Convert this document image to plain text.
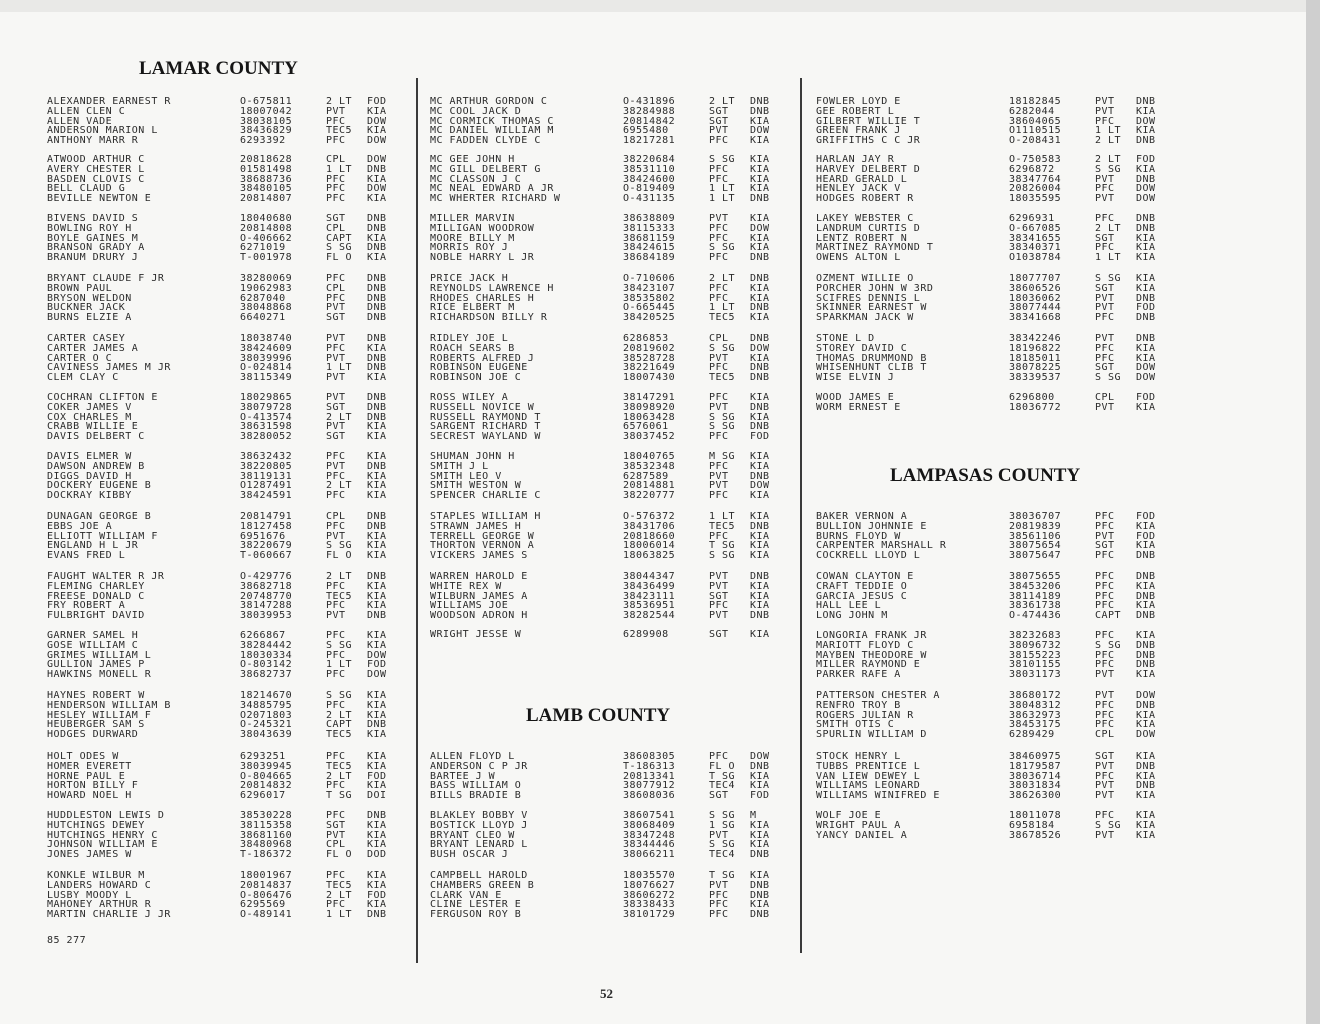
LAMAR COUNTY
ALEXANDER EARNEST R	O-675811	2 LT FOD
ALLEN CLEN C	18007042	PVT KIA
ALLEN VADE	38038105	PFC DOW
ANDERSON MARION L	38436829	TEC5 KIA
ANTHONY MARR R	6293392	PFC DOW
ATWOOD ARTHUR C	20818628	CPL DOW
AVERY CHESTER L	01581498	1 LT DNB
BASDEN CLOVIS C	38688736	PFC KIA
BELL CLAUD G	38480105	PFC DOW
BEVILLE NEWTON E	20814807	PFC KIA
BIVENS DAVID S	18040680	SGT DNB
BOWLING ROY H	20814808	CPL DNB
BOYLE GAINES M	O-406662	CAPT KIA
BRANSON GRADY A	6271019	S SG DNB
BRANUM DRURY J	T-001978	FL O KIA
BRYANT CLAUDE F JR	38280069	PFC DNB
BROWN PAUL	19062983	CPL DNB
BRYSON WELDON	6287040	PFC DNB
BUCKNER JACK	38048868	PVT DNB
BURNS ELZIE A	6640271	SGT DNB
CARTER CASEY	18038740	PVT DNB
CARTER JAMES A	38424609	PFC KIA
CARTER O C	38039996	PVT DNB
CAVINESS JAMES M JR	O-024814	1 LT DNB
CLEM CLAY C	38115349	PVT KIA
COCHRAN CLIFTON E	18029865	PVT DNB
COKER JAMES V	38079728	SGT DNB
COX CHARLES M	O-413574	2 LT DNB
CRABB WILLIE E	38631598	PVT KIA
DAVIS DELBERT C	38280052	SGT KIA
DAVIS ELMER W	38632432	PFC KIA
DAWSON ANDREW B	38220805	PVT DNB
DIGGS DAVID H	38119131	PFC KIA
DOCKERY EUGENE B	O1287491	2 LT KIA
DOCKRAY KIBBY	38424591	PFC KIA
DUNAGAN GEORGE B	20814791	CPL DNB
EBBS JOE A	18127458	PFC DNB
ELLIOTT WILLIAM F	6951676	PVT KIA
ENGLAND H L JR	38220679	S SG KIA
EVANS FRED L	T-060667	FL O KIA
FAUGHT WALTER R JR	O-429776	2 LT DNB
FLEMING CHARLEY	38682718	PFC KIA
FREESE DONALD C	20748770	TEC5 KIA
FRY ROBERT A	38147288	PFC KIA
FULBRIGHT DAVID	38039953	PVT DNB
GARNER SAMEL H	6266867	PFC KIA
GOSE WILLIAM C	38284442	S SG KIA
GRIMES WILLIAM L	18030334	PFC DOW
GULLION JAMES P	O-803142	1 LT FOD
HAWKINS MONELL R	38682737	PFC DOW
HAYNES ROBERT W	18214670	S SG KIA
HENDERSON WILLIAM B	34885795	PFC KIA
HESLEY WILLIAM F	O2071803	2 LT KIA
HEUBERGER SAM S	O-245321	CAPT DNB
HODGES DURWARD	38043639	TEC5 KIA
HOLT ODES W	6293251	PFC KIA
HOMER EVERETT	38039945	TEC5 KIA
HORNE PAUL E	O-804665	2 LT FOD
HORTON BILLY F	20814832	PFC KIA
HOWARD NOEL H	6296017	T SG DOI
HUDDLESTON LEWIS D	38530228	PFC DNB
HUTCHINGS DEWEY	38115358	SGT KIA
HUTCHINGS HENRY C	38681160	PVT KIA
JOHNSON WILLIAM E	38480968	CPL KIA
JONES JAMES W	T-186372	FL O DOD
KONKLE WILBUR M	18001967	PFC KIA
LANDERS HOWARD C	20814837	TEC5 KIA
LUSBY MOODY L	O-806476	2 LT FOD
MAHONEY ARTHUR R	6295569	PFC KIA
MARTIN CHARLIE J JR	O-489141	1 LT DNB
MC ARTHUR GORDON C	O-431896	2 LT DNB
MC COOL JACK D	38284988	SGT DNB
MC CORMICK THOMAS C	20814842	SGT KIA
MC DANIEL WILLIAM M	6955480	PVT DOW
MC FADDEN CLYDE C	18217281	PFC KIA
MC GEE JOHN H	38220684	S SG KIA
MC GILL DELBERT G	38531110	PFC KIA
MC CLASSON J C	38424600	PFC KIA
MC NEAL EDWARD A JR	O-819409	1 LT KIA
MC WHERTER RICHARD W	O-431135	1 LT DNB
MILLER MARVIN	38638809	PVT KIA
MILLIGAN WOODROW	38115333	PFC DOW
MOORE BILLY M	38681159	PFC KIA
MORRIS ROY J	38424615	S SG KIA
NOBLE HARRY L JR	38684189	PFC DNB
PRICE JACK H	O-710606	2 LT DNB
REYNOLDS LAWRENCE H	38423107	PFC KIA
RHODES CHARLES H	38535802	PFC KIA
RICE ELBERT M	O-665445	1 LT DNB
RICHARDSON BILLY R	38420525	TEC5 KIA
RIDLEY JOE L	6286853	CPL DNB
ROACH SEARS B	20819602	S SG DOW
ROBERTS ALFRED J	38528728	PVT KIA
ROBINSON EUGENE	38221649	PFC DNB
ROBINSON JOE C	18007430	TEC5 DNB
ROSS WILEY A	38147291	PFC KIA
RUSSELL NOVICE W	38098920	PVT DNB
RUSSELL RAYMOND T	18063428	S SG KIA
SARGENT RICHARD T	6576061	S SG DNB
SECREST WAYLAND W	38037452	PFC FOD
SHUMAN JOHN H	18040765	M SG KIA
SMITH J L	38532348	PFC KIA
SMITH LEO V	6287589	PVT DNB
SMITH WESTON W	20814881	PVT DOW
SPENCER CHARLIE C	38220777	PFC KIA
STAPLES WILLIAM H	O-576372	1 LT KIA
STRAWN JAMES H	38431706	TEC5 DNB
TERRELL GEORGE W	20818660	PFC KIA
THORTON VERNON A	18006014	T SG KIA
VICKERS JAMES S	18063825	S SG KIA
WARREN HAROLD E	38044347	PVT DNB
WHITE REX W	38436499	PVT KIA
WILBURN JAMES A	38423111	SGT KIA
WILLIAMS JOE	38536951	PFC KIA
WOODSON ADRON H	38282544	PVT DNB
WRIGHT JESSE W	6289908	SGT KIA
LAMB COUNTY
ALLEN FLOYD L	38608305	PFC DOW
ANDERSON C P JR	T-186313	FL O DNB
BARTEE J W	20813341	T SG KIA
BASS WILLIAM O	38077912	TEC4 KIA
BILLS BRADIE B	38608036	SGT FOD
BLAKLEY BOBBY V	38607541	S SG M
BOSTICK LLOYD J	38068409	1 SG KIA
BRYANT CLEO W	38347248	PVT KIA
BRYANT LENARD L	38344446	S SG KIA
BUSH OSCAR J	38066211	TEC4 DNB
CAMPBELL HAROLD	18035570	T SG KIA
CHAMBERS GREEN B	18076627	PVT DNB
CLARK VAN E	38606272	PFC DNB
CLINE LESTER E	38338433	PFC KIA
FERGUSON ROY B	38101729	PFC DNB
FOWLER LOYD E	18182845	PVT DNB
GEE ROBERT L	6282044	PVT KIA
GILBERT WILLIE T	38604065	PFC DOW
GREEN FRANK J	O1110515	1 LT KIA
GRIFFITHS C C JR	O-208431	2 LT DNB
HARLAN JAY R	O-750583	2 LT FOD
HARVEY DELBERT D	6296872	S SG KIA
HEARD GERALD L	38347764	PVT DNB
HENLEY JACK V	20826004	PFC DOW
HODGES ROBERT R	18035595	PVT DOW
LAKEY WEBSTER C	6296931	PFC DNB
LANDRUM CURTIS D	O-667085	2 LT DNB
LENTZ ROBERT N	38341655	SGT KIA
MARTINEZ RAYMOND T	38340371	PFC KIA
OWENS ALTON L	O1038784	1 LT KIA
OZMENT WILLIE O	18077707	S SG KIA
PORCHER JOHN W 3RD	38606526	SGT KIA
SCIFRES DENNIS L	18036062	PVT DNB
SKINNER EARNEST W	38077444	PVT FOD
SPARKMAN JACK W	38341668	PFC DNB
STONE L D	38342246	PVT DNB
STOREY DAVID C	18196822	PFC KIA
THOMAS DRUMMOND B	18185011	PFC KIA
WHISENHUNT CLIB T	38078225	SGT DOW
WISE ELVIN J	38339537	S SG DOW
WOOD JAMES E	6296800	CPL FOD
WORM ERNEST E	18036772	PVT KIA
LAMPASAS COUNTY
BAKER VERNON A	38036707	PFC FOD
BULLION JOHNNIE E	20819839	PFC KIA
BURNS FLOYD W	38561106	PVT FOD
CARPENTER MARSHALL R	38075654	SGT KIA
COCKRELL LLOYD L	38075647	PFC DNB
COWAN CLAYTON E	38075655	PFC DNB
CRAFT TEDDIE O	38453206	PFC KIA
GARCIA JESUS C	38114189	PFC DNB
HALL LEE L	38361738	PFC KIA
LONG JOHN M	O-474436	CAPT DNB
LONGORIA FRANK JR	38232683	PFC KIA
MARIOTT FLOYD C	38096732	S SG DNB
MAYBEN THEODORE W	38155223	PFC DNB
MILLER RAYMOND E	38101155	PFC DNB
PARKER RAFE A	38031173	PVT KIA
PATTERSON CHESTER A	38680172	PVT DOW
RENFRO TROY B	38048312	PFC DNB
ROGERS JULIAN R	38632973	PFC KIA
SMITH OTIS C	38453175	PFC KIA
SPURLIN WILLIAM D	6289429	CPL DOW
STOCK HENRY L	38460975	SGT KIA
TUBBS PRENTICE L	18179587	PVT DNB
VAN LIEW DEWEY L	38036714	PFC KIA
WILLIAMS LEONARD	38031834	PVT DNB
WILLIAMS WINIFRED E	38626300	PVT KIA
WOLF JOE E	18011078	PFC KIA
WRIGHT PAUL A	6958184	S SG KIA
YANCY DANIEL A	38678526	PVT KIA
85 277
52
